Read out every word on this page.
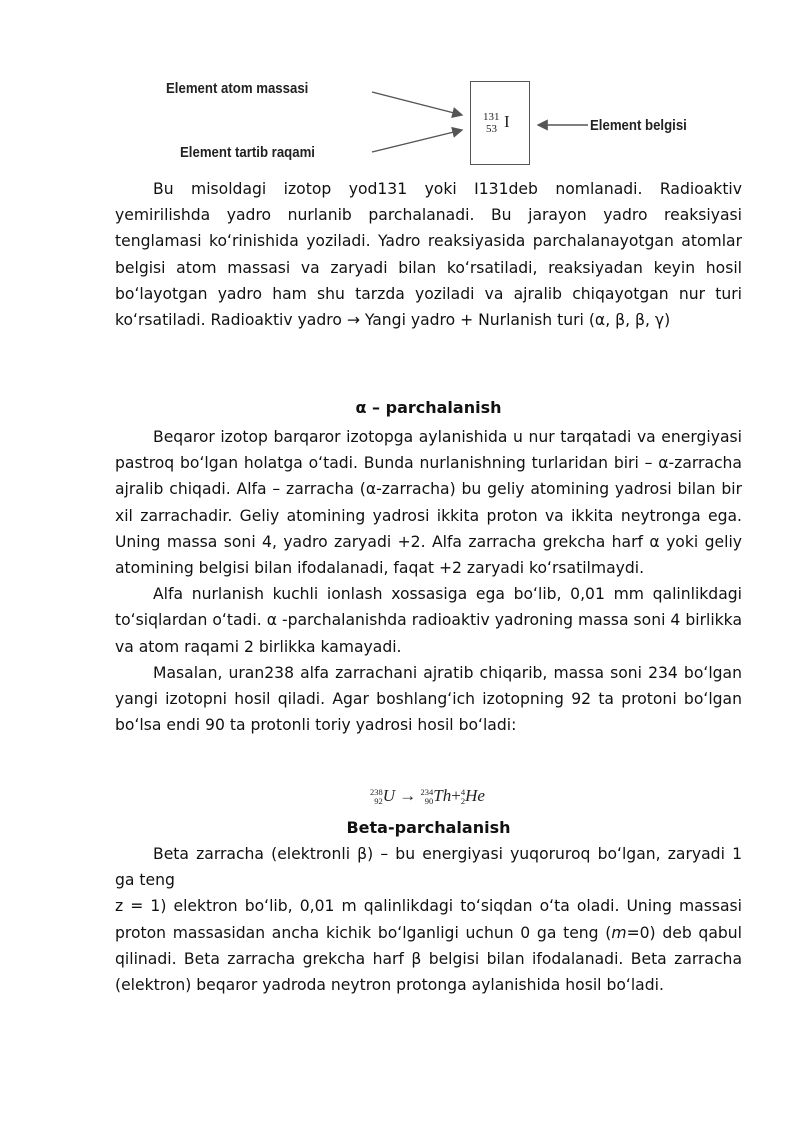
Element atom massasi
Element tartib raqami
Element belgisi
131
53 I

Bu misoldagi izotop yod131 yoki I131deb nomlanadi. Radioaktiv yemirilishda yadro nurlanib parchalanadi. Bu jarayon yadro reaksiyasi tenglamasi koʻrinishida yoziladi. Yadro reaksiyasida parchalanayotgan atomlar belgisi atom massasi va zaryadi bilan koʻrsatiladi, reaksiyadan keyin hosil boʻlayotgan yadro ham shu tarzda yoziladi va ajralib chiqayotgan nur turi koʻrsatiladi. Radioaktiv yadro → Yangi yadro + Nurlanish turi (α, β, β, γ)

α – parchalanish

Beqaror izotop barqaror izotopga aylanishida u nur tarqatadi va energiyasi pastroq boʻlgan holatga oʻtadi. Bunda nurlanishning turlaridan biri – α-zarracha ajralib chiqadi. Alfa – zarracha (α-zarracha) bu geliy atomining yadrosi bilan bir xil zarrachadir. Geliy atomining yadrosi ikkita proton va ikkita neytronga ega. Uning massa soni 4, yadro zaryadi +2. Alfa zarracha grekcha harf α yoki geliy atomining belgisi bilan ifodalanadi, faqat +2 zaryadi koʻrsatilmaydi.

Alfa nurlanish kuchli ionlash xossasiga ega boʻlib, 0,01 mm qalinlikdagi toʻsiqlardan oʻtadi. α -parchalanishda radioaktiv yadroning massa soni 4 birlikka va atom raqami 2 birlikka kamayadi.

Masalan, uran238 alfa zarrachani ajratib chiqarib, massa soni 234 boʻlgan yangi izotopni hosil qiladi. Agar boshlangʻich izotopning 92 ta protoni boʻlgan boʻlsa endi 90 ta protonli toriy yadrosi hosil boʻladi:

238
92 U → 234
90 Th+ 4
2 He
Beta-parchalanish

Beta zarracha (elektronli β) – bu energiyasi yuqoruroq boʻlgan, zaryadi 1 ga teng

z = 1) elektron boʻlib, 0,01 m qalinlikdagi toʻsiqdan oʻta oladi. Uning massasi proton massasidan ancha kichik boʻlganligi uchun 0 ga teng (m=0) deb qabul qilinadi. Beta zarracha grekcha harf β belgisi bilan ifodalanadi. Beta zarracha (elektron) beqaror yadroda neytron protonga aylanishida hosil boʻladi.
